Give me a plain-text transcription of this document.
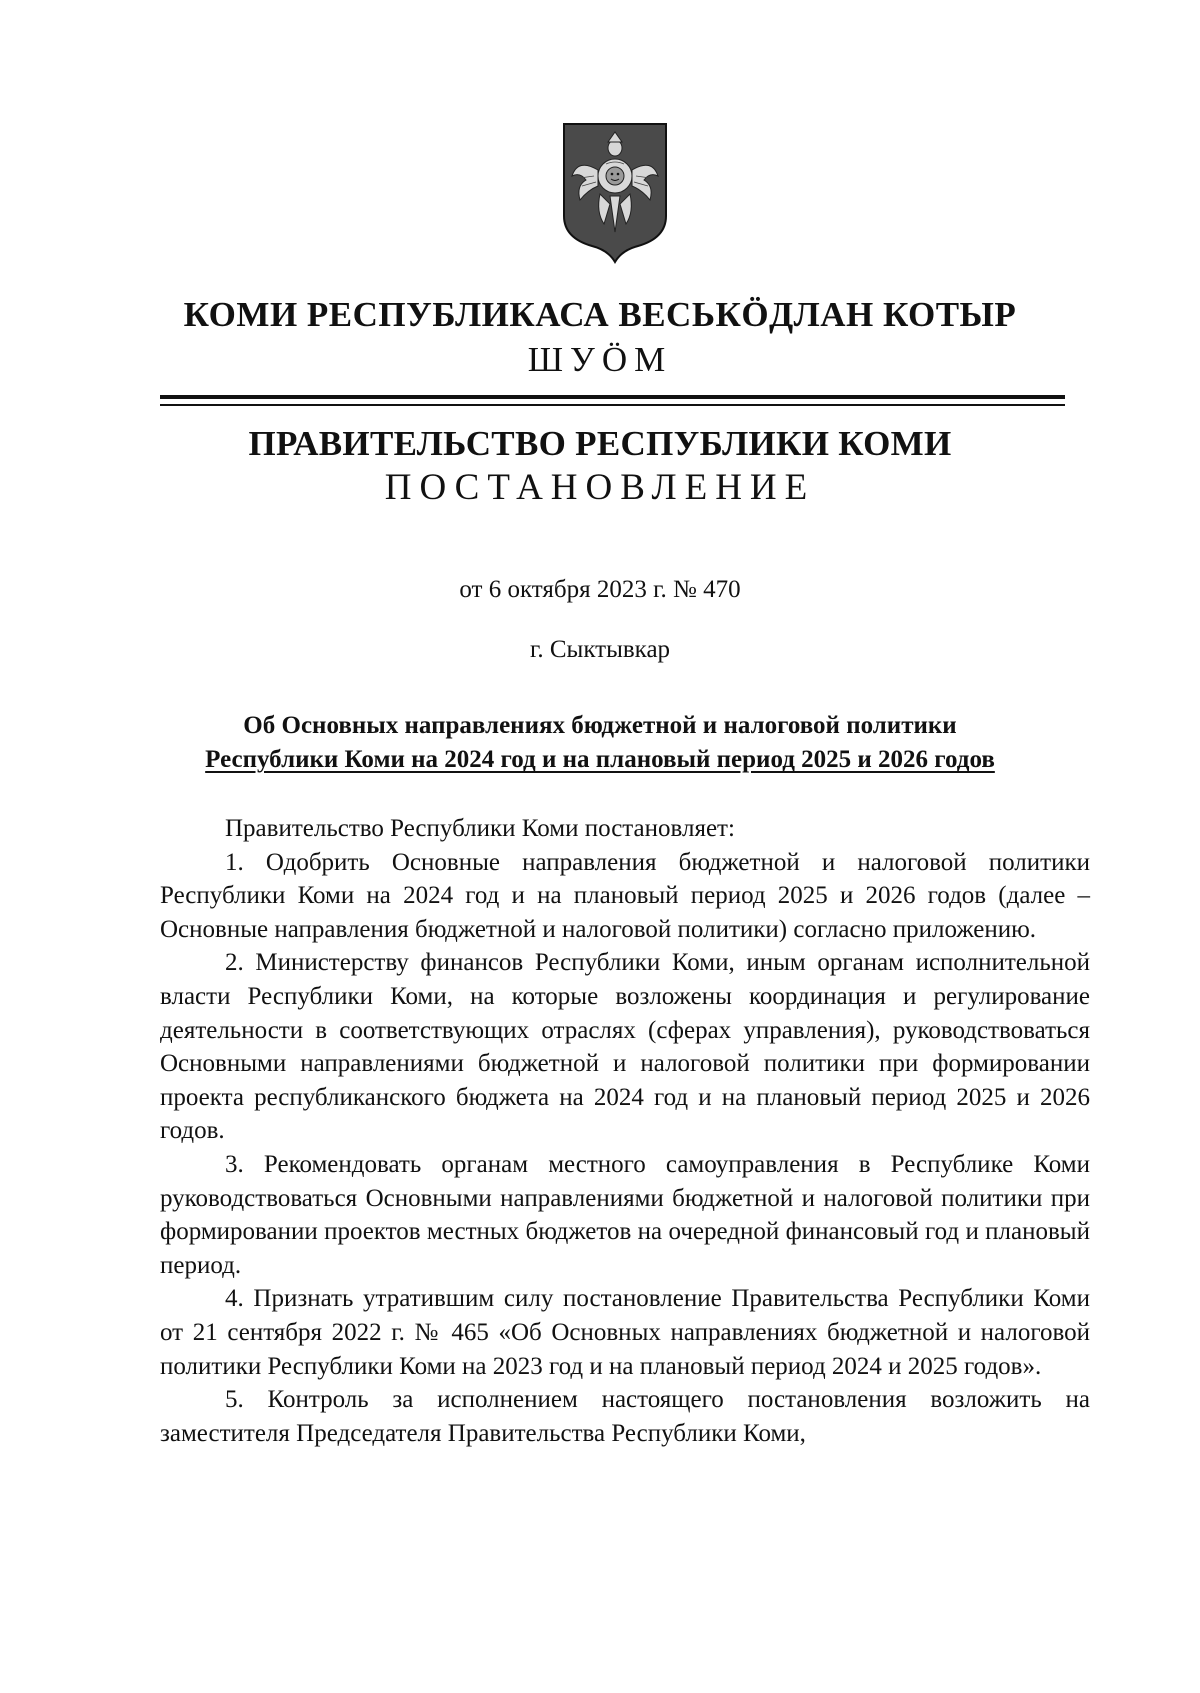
КОМИ РЕСПУБЛИКАСА ВЕСЬКÖДЛАН КОТЫР
ШУÖМ
ПРАВИТЕЛЬСТВО РЕСПУБЛИКИ КОМИ
ПОСТАНОВЛЕНИЕ
от 6 октября 2023 г. № 470
г. Сыктывкар
Об Основных направлениях бюджетной и налоговой политики
Республики Коми на 2024 год и на плановый период 2025 и 2026 годов

Правительство Республики Коми постановляет:

1. Одобрить Основные направления бюджетной и налоговой политики Республики Коми на 2024 год и на плановый период 2025 и 2026 годов (далее – Основные направления бюджетной и налоговой политики) согласно приложению.

2. Министерству финансов Республики Коми, иным органам исполнительной власти Республики Коми, на которые возложены координация и регулирование деятельности в соответствующих отраслях (сферах управления), руководствоваться Основными направлениями бюджетной и налоговой политики при формировании проекта республиканского бюджета на 2024 год и на плановый период 2025 и 2026 годов.

3. Рекомендовать органам местного самоуправления в Республике Коми руководствоваться Основными направлениями бюджетной и налоговой политики при формировании проектов местных бюджетов на очередной финансовый год и плановый период.

4. Признать утратившим силу постановление Правительства Республики Коми от 21 сентября 2022 г. № 465 «Об Основных направлениях бюджетной и налоговой политики Республики Коми на 2023 год и на плановый период 2024 и 2025 годов».

5. Контроль за исполнением настоящего постановления возложить на заместителя Председателя Правительства Республики Коми,
